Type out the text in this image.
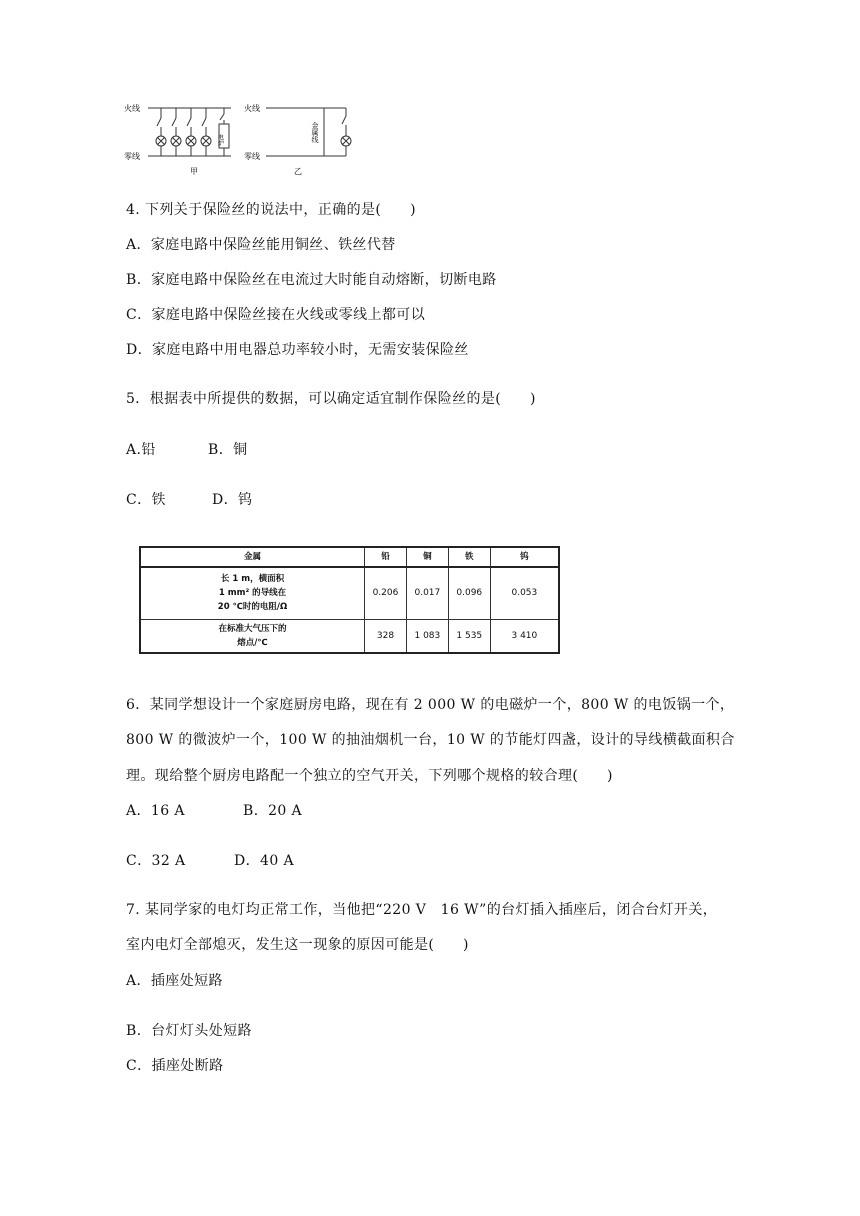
火线
零线
电炉
甲
火线
零线
金属线
乙
4. 下列关于保险丝的说法中，正确的是(　　)
A．家庭电路中保险丝能用铜丝、铁丝代替
B．家庭电路中保险丝在电流过大时能自动熔断，切断电路
C．家庭电路中保险丝接在火线或零线上都可以
D．家庭电路中用电器总功率较小时，无需安装保险丝
5．根据表中所提供的数据，可以确定适宜制作保险丝的是(　　)
A.铅	B．铜
C．铁	D．钨
金属	铅	铜	铁	钨

长 1 m，横面积
1 mm² 的导线在
20 ℃时的电阻/Ω	0.206	0.017	0.096	0.053

在标准大气压下的
熔点/℃	328	1 083	1 535	3 410
6．某同学想设计一个家庭厨房电路，现在有 2 000 W 的电磁炉一个，800 W 的电饭锅一个，
800 W 的微波炉一个，100 W 的抽油烟机一台，10 W 的节能灯四盏，设计的导线横截面积合
理。现给整个厨房电路配一个独立的空气开关，下列哪个规格的较合理(　　)
A．16 A	B．20 A
C．32 A	D．40 A
7. 某同学家的电灯均正常工作，当他把“220 V　16 W”的台灯插入插座后，闭合台灯开关，
室内电灯全部熄灭，发生这一现象的原因可能是(　　)
A．插座处短路
B．台灯灯头处短路
C．插座处断路
